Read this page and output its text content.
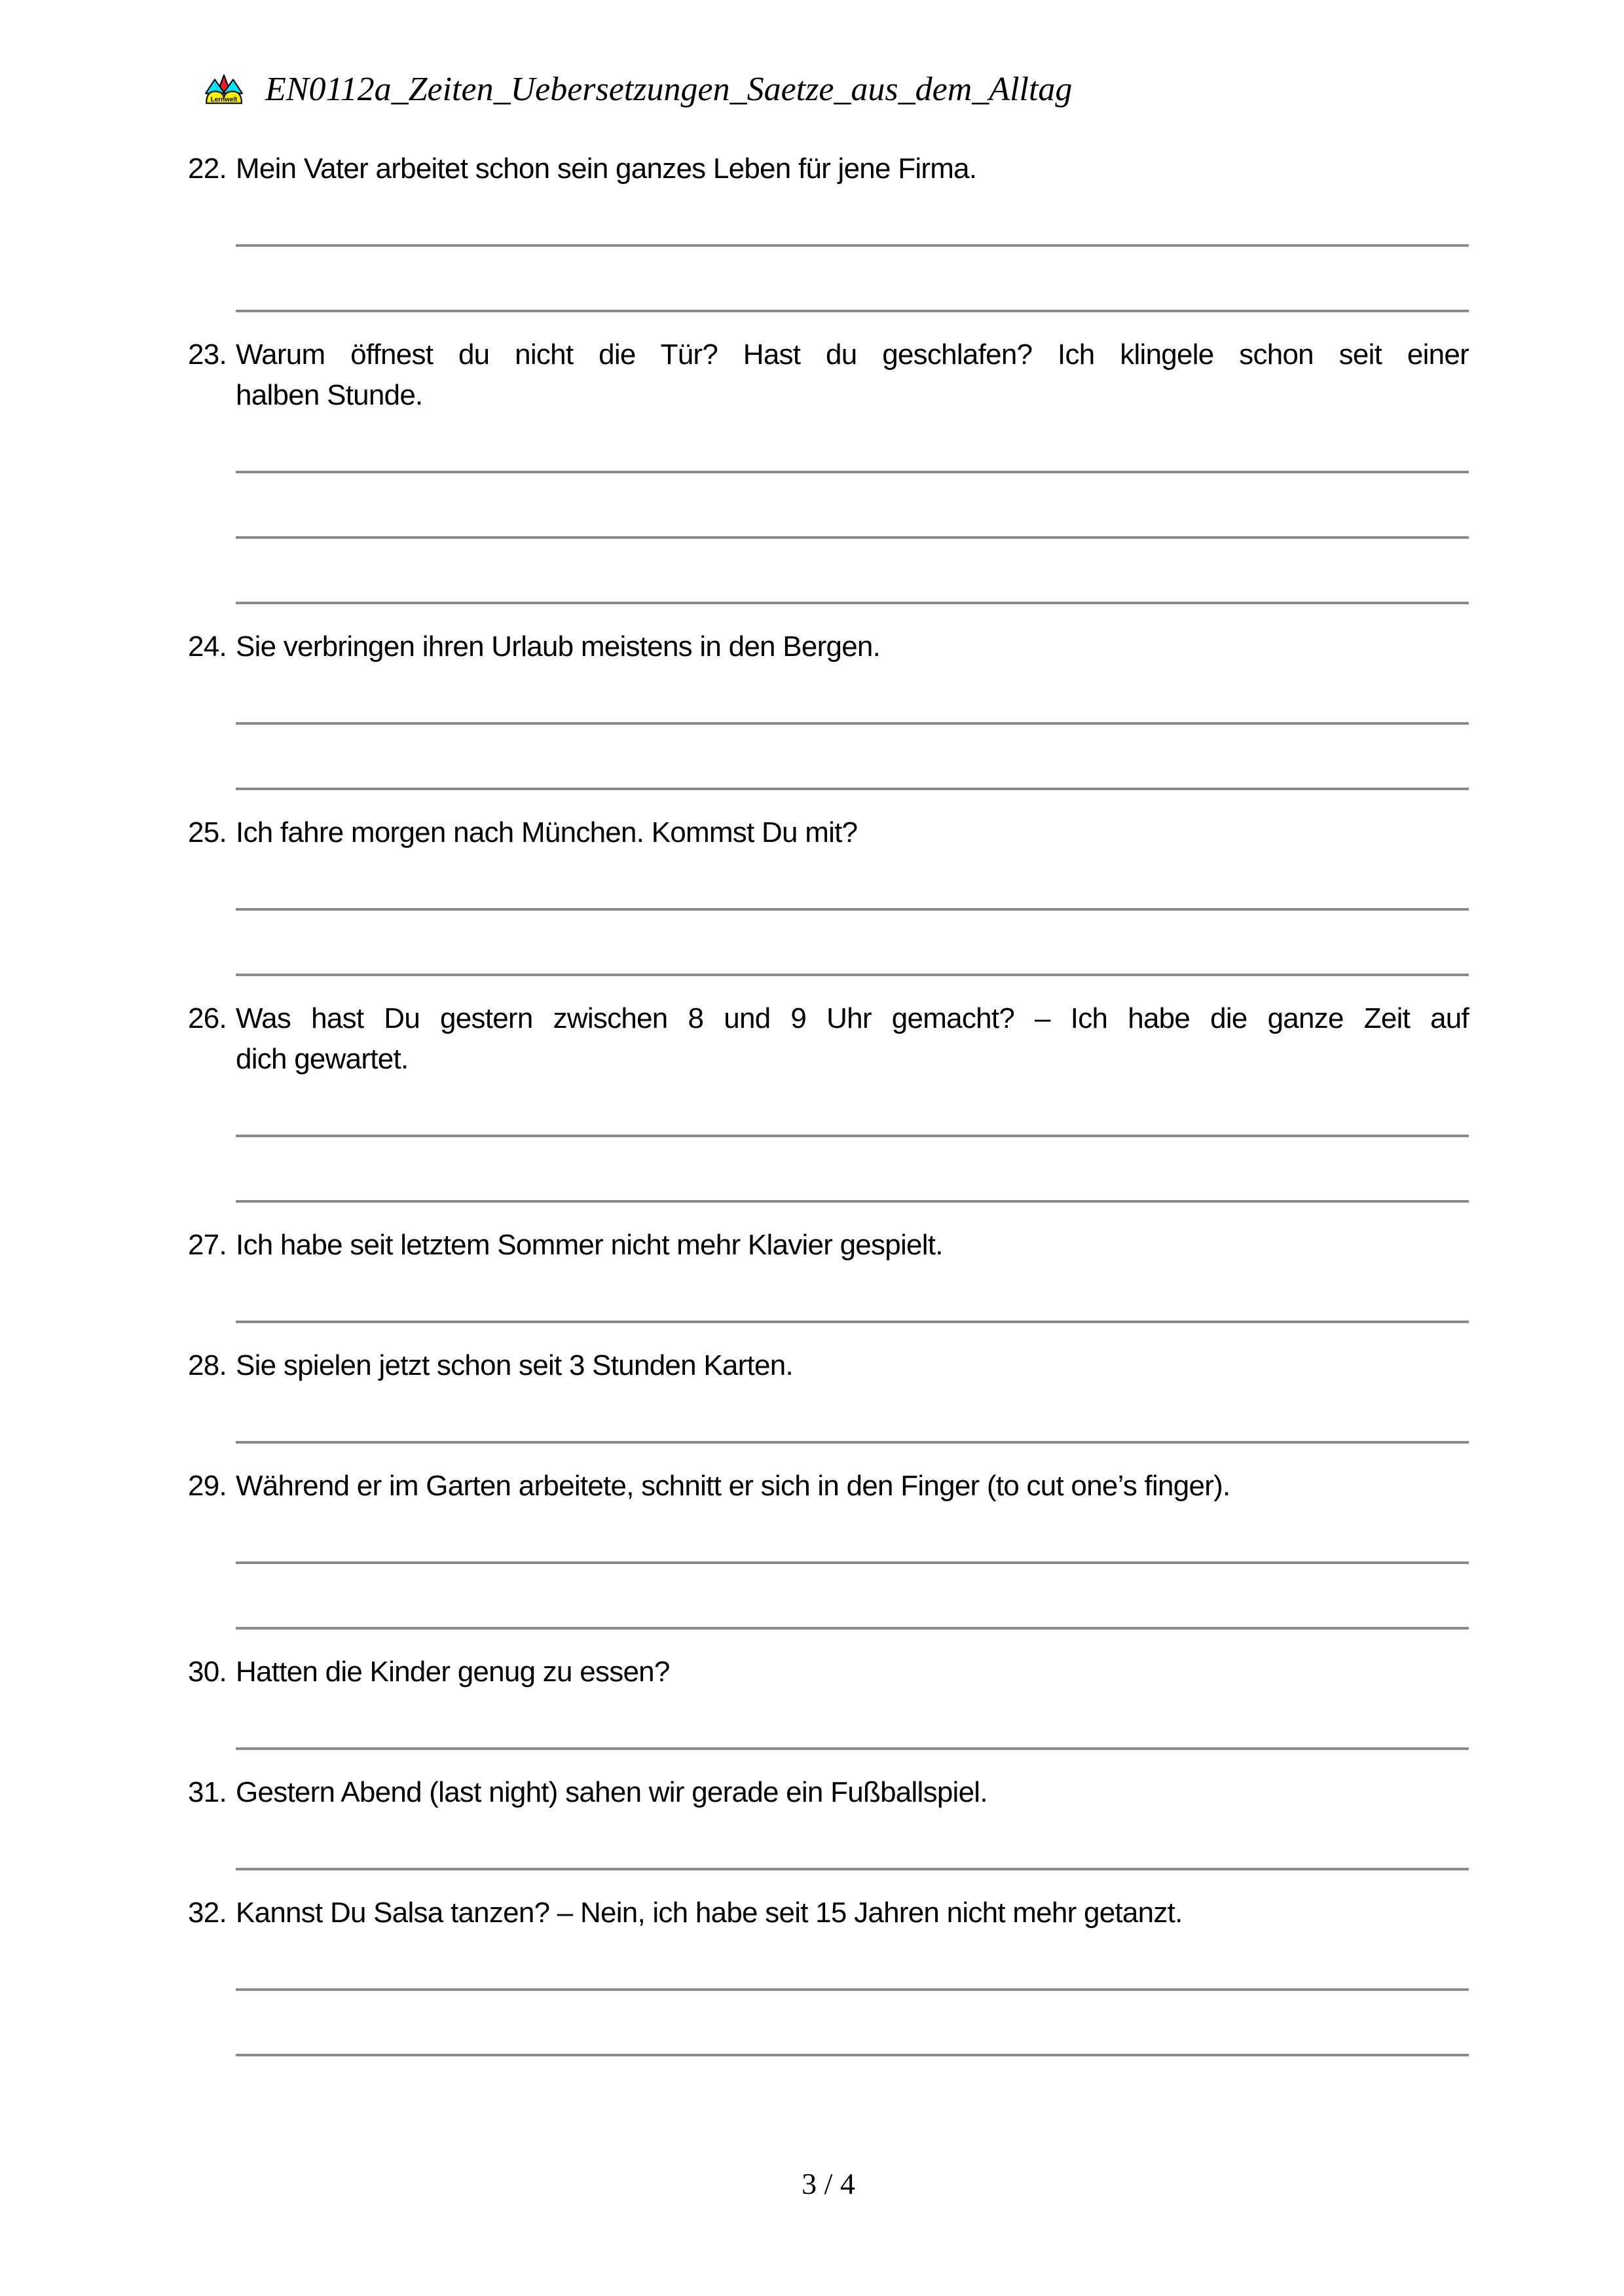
Lernwelt EN0112a_Zeiten_Uebersetzungen_Saetze_aus_dem_Alltag
22. Mein Vater arbeitet schon sein ganzes Leben für jene Firma.
23. Warum öffnest du nicht die Tür? Hast du geschlafen? Ich klingele schon seit einer
halben Stunde.
24. Sie verbringen ihren Urlaub meistens in den Bergen.
25. Ich fahre morgen nach München. Kommst Du mit?
26. Was hast Du gestern zwischen 8 und 9 Uhr gemacht? – Ich habe die ganze Zeit auf
dich gewartet.
27. Ich habe seit letztem Sommer nicht mehr Klavier gespielt.
28. Sie spielen jetzt schon seit 3 Stunden Karten.
29. Während er im Garten arbeitete, schnitt er sich in den Finger (to cut one’s finger).
30. Hatten die Kinder genug zu essen?
31. Gestern Abend (last night) sahen wir gerade ein Fußballspiel.
32. Kannst Du Salsa tanzen? – Nein, ich habe seit 15 Jahren nicht mehr getanzt.
3 / 4
